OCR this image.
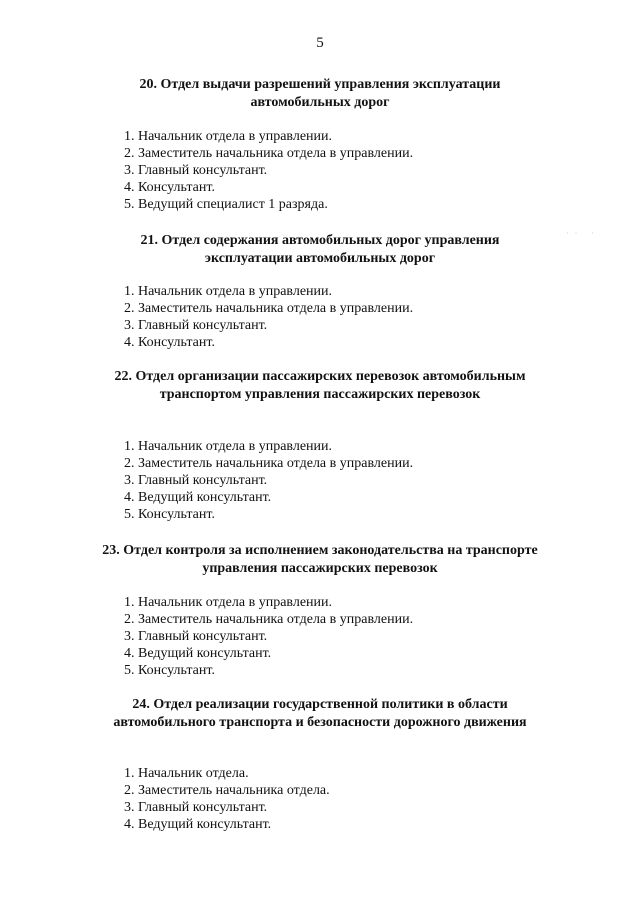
5
·· ·
20. Отдел выдачи разрешений управления эксплуатации автомобильных дорог
1. Начальник отдела в управлении.
2. Заместитель начальника отдела в управлении.
3. Главный консультант.
4. Консультант.
5. Ведущий специалист 1 разряда.
21. Отдел содержания автомобильных дорог управления эксплуатации автомобильных дорог
1. Начальник отдела в управлении.
2. Заместитель начальника отдела в управлении.
3. Главный консультант.
4. Консультант.
22. Отдел организации пассажирских перевозок автомобильным транспортом управления пассажирских перевозок
1. Начальник отдела в управлении.
2. Заместитель начальника отдела в управлении.
3. Главный консультант.
4. Ведущий консультант.
5. Консультант.
23. Отдел контроля за исполнением законодательства на транспорте управления пассажирских перевозок
1. Начальник отдела в управлении.
2. Заместитель начальника отдела в управлении.
3. Главный консультант.
4. Ведущий консультант.
5. Консультант.
24. Отдел реализации государственной политики в области автомобильного транспорта и безопасности дорожного движения
1. Начальник отдела.
2. Заместитель начальника отдела.
3. Главный консультант.
4. Ведущий консультант.
